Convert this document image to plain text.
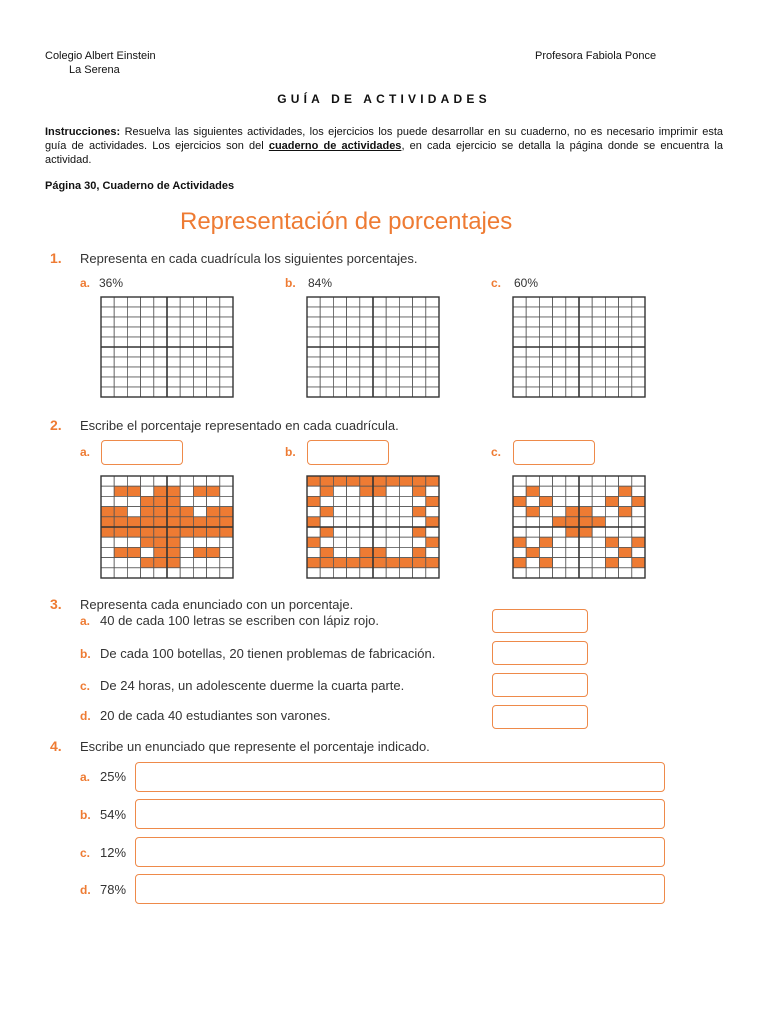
Colegio Albert Einstein
La Serena
Profesora Fabiola Ponce
GUÍA DE ACTIVIDADES
Instrucciones: Resuelva las siguientes actividades, los ejercicios los puede desarrollar en su cuaderno, no es necesario imprimir esta guía de actividades. Los ejercicios son del cuaderno de actividades, en cada ejercicio se detalla la página donde se encuentra la actividad.
Página 30, Cuaderno de Actividades
Representación de porcentajes
1. Representa en cada cuadrícula los siguientes porcentajes.
a. 36%	b. 84%	c. 60%
2. Escribe el porcentaje representado en cada cuadrícula.
a.	b.	c.
3. Representa cada enunciado con un porcentaje.
a. 40 de cada 100 letras se escriben con lápiz rojo.
b. De cada 100 botellas, 20 tienen problemas de fabricación.
c. De 24 horas, un adolescente duerme la cuarta parte.
d. 20 de cada 40 estudiantes son varones.
4. Escribe un enunciado que represente el porcentaje indicado.
a. 25%
b. 54%
c. 12%
d. 78%
